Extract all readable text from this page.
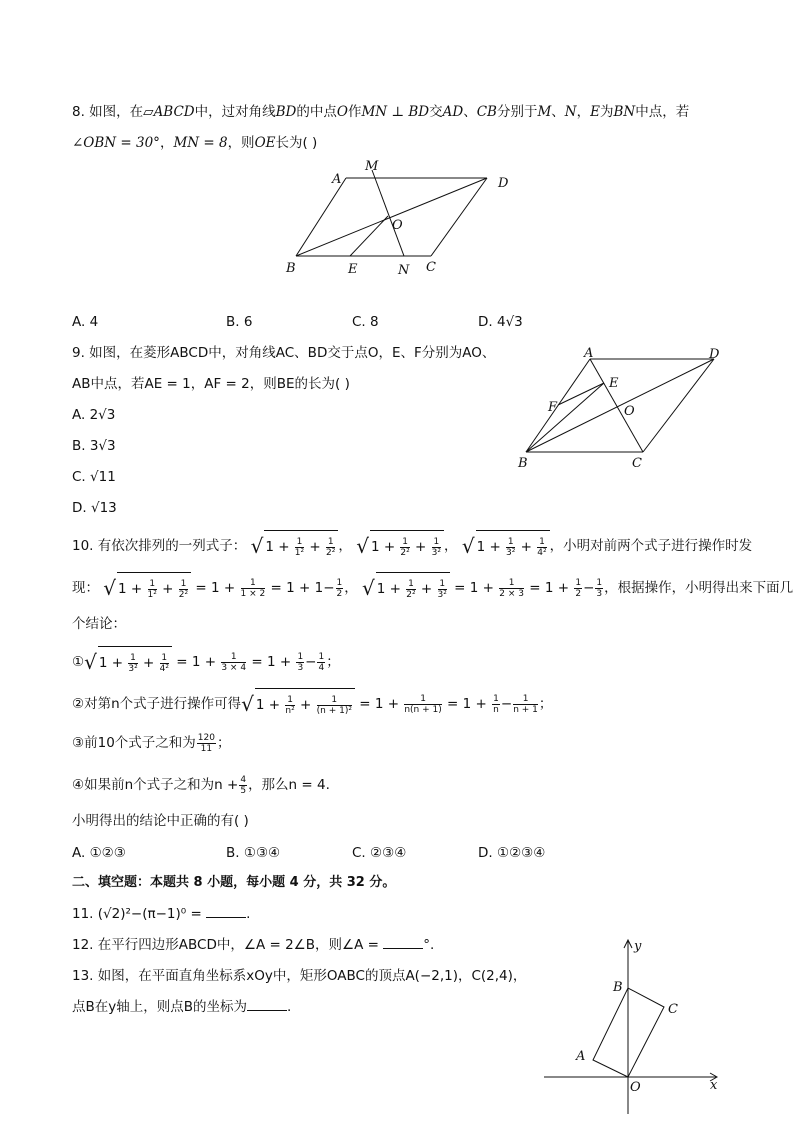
8. 如图，在▱ABCD中，过对角线BD的中点O作MN ⊥ BD交AD、CB分别于M、N，E为BN中点，若
∠OBN = 30°，MN = 8，则OE长为( )
A
M
D
O
B	E	N C
A. 4	B. 6	C. 8	D. 4√3
9. 如图，在菱形ABCD中，对角线AC、BD交于点O，E、F分别为AO、
AB中点，若AE = 1，AF = 2，则BE的长为( )
A. 2√3
B. 3√3
C. √11
D. √13
A	D
E
F	O
B	C
10. 有依次排列的一列式子： √ $1 + \frac{1}{\text{1²}} + \frac{1}{\text{2²}}$ ， √ $1 + \frac{1}{\text{2²}} + \frac{1}{\text{3²}}$ ， √ $1 + \frac{1}{\text{3²}} + \frac{1}{\text{4²}}$ ，小明对前两个式子进行操作时发
现： √ $1 + \frac{1}{\text{1²}} + \frac{1}{\text{2²}} = 1 + \frac{1}{1 \times 2} = 1 + 1- \frac{1}{2}$ ， √ $1 + \frac{1}{\text{2²}} + \frac{1}{\text{3²}} = 1 + \frac{1}{2 \times 3} = 1 + \frac{1}{2} - \frac{1}{3}$ ，根据操作，小明得出来下面几
个结论：
①√ $1 + \frac{1}{\text{3²}} + \frac{1}{\text{4²}} = 1 + \frac{1}{3 \times 4} = 1 + \frac{1}{3} - \frac{1}{4}$ ；
②对第n个式子进行操作可得√ $1 + \frac{1}{\text{n²}} + \frac{1}{\text{(n + 1)²}} = 1 + \frac{1}{n(n + 1)} = 1 + \frac{1}{n} - \frac{1}{n + 1}$ ；
③前10个式子之和为 $\frac{120}{11}$ ；
④如果前n个式子之和为$n + \frac{4}{5}$ ，那么n = 4.
小明得出的结论中正确的有( )
A. ①②③	B. ①③④	C. ②③④	D. ①②③④
二、填空题：本题共 8 小题，每小题 4 分，共 32 分。
11. (√2)²−(π−1)⁰ =	.
12. 在平行四边形ABCD中，∠A = 2∠B，则∠A =	°.
13. 如图，在平面直角坐标系xOy中，矩形OABC的顶点A(−2,1)，C(2,4)，
点B在y轴上，则点B的坐标为	.
y
B
C
A
O	x
